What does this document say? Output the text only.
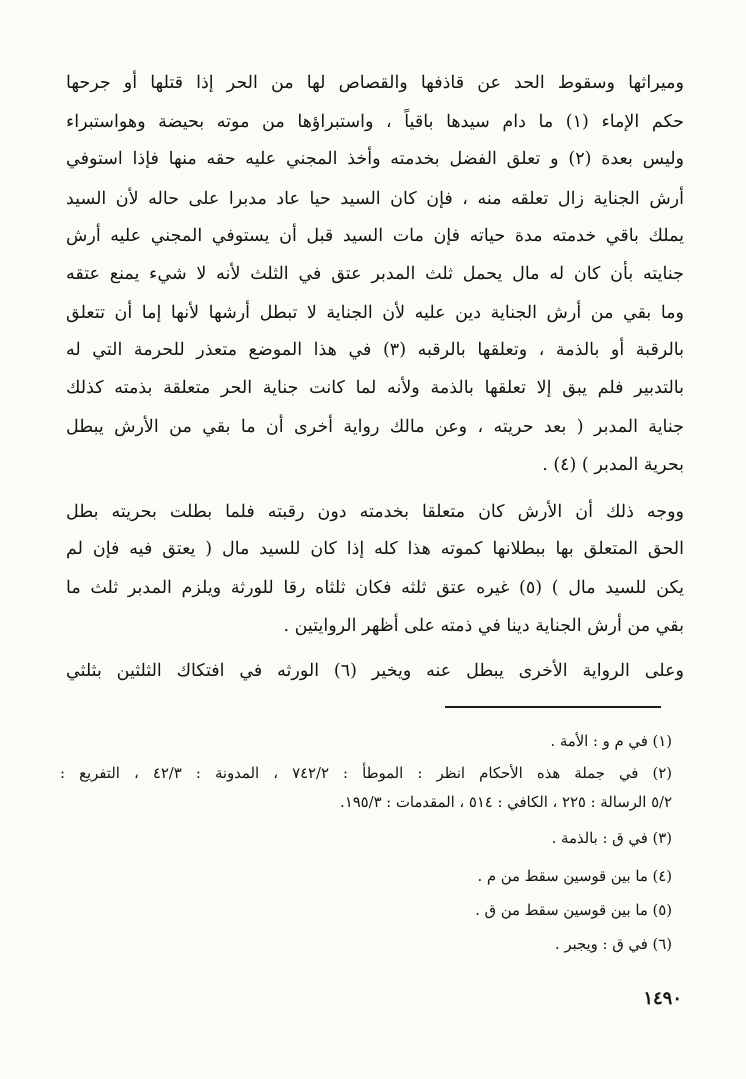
وميراثها وسقوط الحد عن قاذفها والقصاص لها من الحر إذا قتلها أو جرحها
حكم الإماء (١) ما دام سيدها باقياً ، واستبراؤها من موته بحيضة وهواستبراء
وليس بعدة (٢) و تعلق الفضل بخدمته وأخذ المجني عليه حقه منها فإذا استوفي
أرش الجناية زال تعلقه منه ، فإن كان السيد حيا عاد مدبرا على حاله لأن السيد
يملك باقي خدمته مدة حياته فإن مات السيد قبل أن يستوفي المجني عليه أرش
جنايته بأن كان له مال يحمل ثلث المدبر عتق في الثلث لأنه لا شيء يمنع عتقه
وما بقي من أرش الجناية دين عليه لأن الجناية لا تبطل أرشها لأنها إما أن تتعلق
بالرقبة أو بالذمة ، وتعلقها بالرقبه (٣) في هذا الموضع متعذر للحرمة التي له
بالتدبير فلم يبق إلا تعلقها بالذمة ولأنه لما كانت جناية الحر متعلقة بذمته كذلك
جناية المدبر ( بعد حريته ، وعن مالك رواية أخرى أن ما بقي من الأرش يبطل
بحرية المدبر ) (٤) .
ووجه ذلك أن الأرش كان متعلقا بخدمته دون رقبته فلما بطلت بحريته بطل
الحق المتعلق بها ببطلانها كموته هذا كله إذا كان للسيد مال ( يعتق فيه فإن لم
يكن للسيد مال ) (٥) غيره عتق ثلثه فكان ثلثاه رقا للورثة ويلزم المدبر ثلث ما
بقي من أرش الجناية دينا في ذمته على أظهر الروايتين .
وعلى الرواية الأخرى يبطل عنه ويخير (٦) الورثه في افتكاك الثلثين بثلثي
(١) في م و : الأمة .
(٢) في جملة هذه الأحكام انظر : الموطأ : ٧٤٢/٢ ، المدونة : ٤٢/٣ ، التفريع :
٥/٢ الرسالة : ٢٢٥ ، الكافي : ٥١٤ ، المقدمات : ١٩٥/٣.
(٣) في ق : بالذمة .
(٤) ما بين قوسين سقط من م .
(٥) ما بين قوسين سقط من ق .
(٦) في ق : ويجبر .
١٤٩٠
